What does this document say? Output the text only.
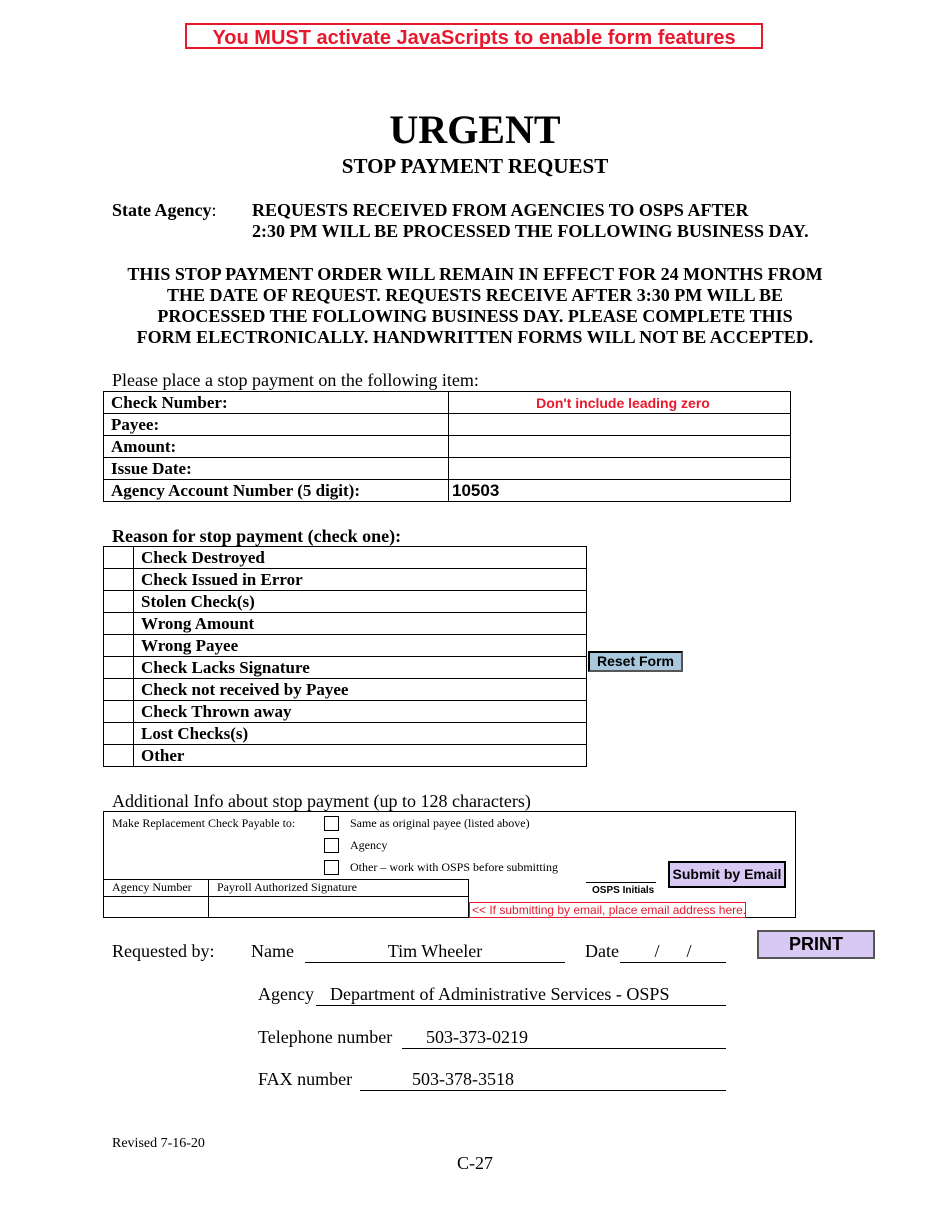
You MUST activate JavaScripts to enable form features
URGENT
STOP PAYMENT REQUEST
State Agency: REQUESTS RECEIVED FROM AGENCIES TO OSPS AFTER
2:30 PM WILL BE PROCESSED THE FOLLOWING BUSINESS DAY.
THIS STOP PAYMENT ORDER WILL REMAIN IN EFFECT FOR 24 MONTHS FROM
THE DATE OF REQUEST. REQUESTS RECEIVE AFTER 3:30 PM WILL BE
PROCESSED THE FOLLOWING BUSINESS DAY. PLEASE COMPLETE THIS
FORM ELECTRONICALLY. HANDWRITTEN FORMS WILL NOT BE ACCEPTED.
Please place a stop payment on the following item:
Check Number:	Don't include leading zero

Payee:	
Amount:	
Issue Date:	
Agency Account Number (5 digit):	10503
Reason for stop payment (check one):
	Check Destroyed
	Check Issued in Error
	Stolen Check(s)
	Wrong Amount
	Wrong Payee
	Check Lacks Signature
	Check not received by Payee
	Check Thrown away
	Lost Checks(s)
	Other
Reset Form
Additional Info about stop payment (up to 128 characters)
Make Replacement Check Payable to:	Same as original payee (listed above)
Agency
Other – work with OSPS before submitting
Agency Number Payroll Authorized Signature	OSPS Initials
<< If submitting by email, place email address here.
Submit by Email
PRINT
Requested by: Name	Tim Wheeler	Date	/      /
Agency Department of Administrative Services - OSPS
Telephone number	503-373-0219
FAX number	503-378-3518
Revised 7-16-20
C-27
